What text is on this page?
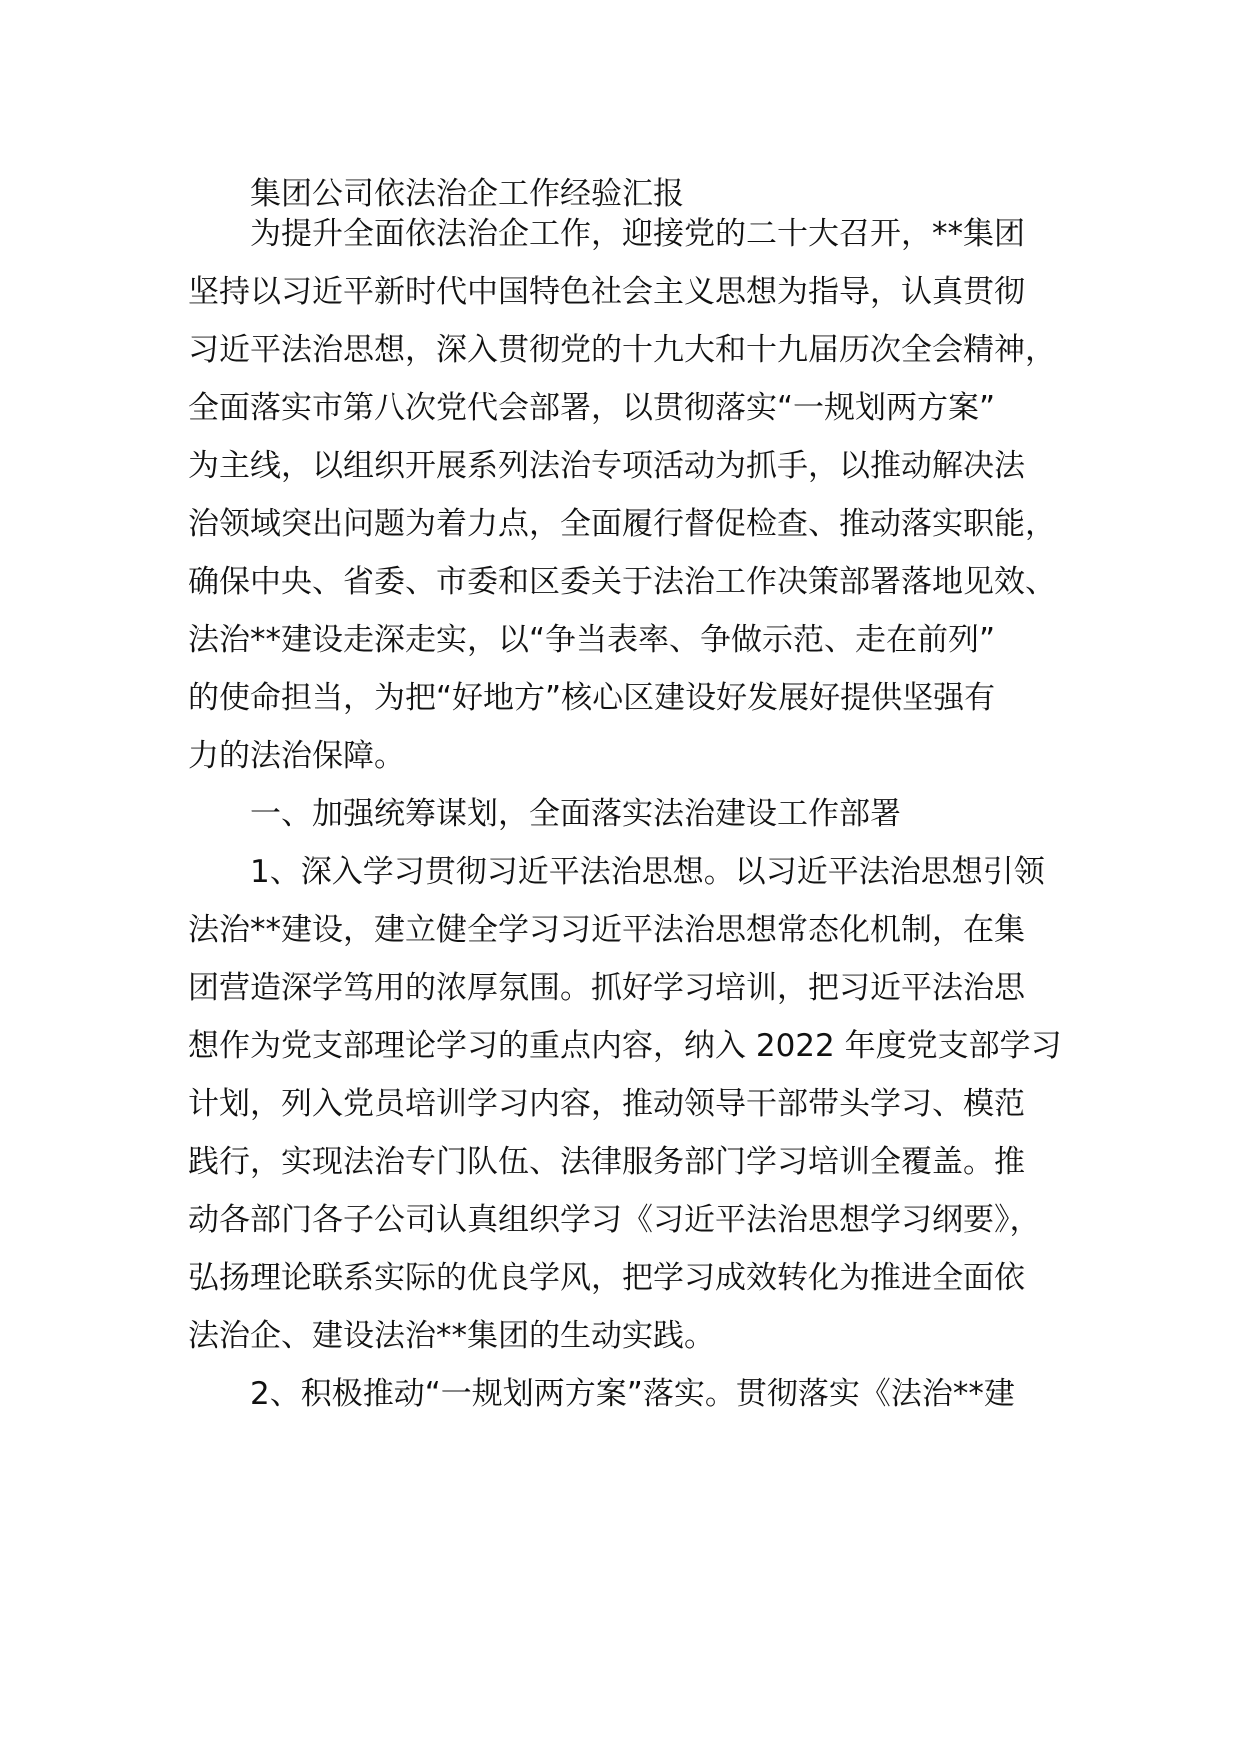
集团公司依法治企工作经验汇报
为提升全面依法治企工作，迎接党的二十大召开，**集团
坚持以习近平新时代中国特色社会主义思想为指导，认真贯彻
习近平法治思想，深入贯彻党的十九大和十九届历次全会精神，
全面落实市第八次党代会部署，以贯彻落实“一规划两方案”
为主线，以组织开展系列法治专项活动为抓手，以推动解决法
治领域突出问题为着力点，全面履行督促检查、推动落实职能，
确保中央、省委、市委和区委关于法治工作决策部署落地见效、
法治**建设走深走实，以“争当表率、争做示范、走在前列”
的使命担当，为把“好地方”核心区建设好发展好提供坚强有
力的法治保障。
一、加强统筹谋划，全面落实法治建设工作部署
1、深入学习贯彻习近平法治思想。以习近平法治思想引领
法治**建设，建立健全学习习近平法治思想常态化机制，在集
团营造深学笃用的浓厚氛围。抓好学习培训，把习近平法治思
想作为党支部理论学习的重点内容，纳入 2022 年度党支部学习
计划，列入党员培训学习内容，推动领导干部带头学习、模范
践行，实现法治专门队伍、法律服务部门学习培训全覆盖。推
动各部门各子公司认真组织学习《习近平法治思想学习纲要》，
弘扬理论联系实际的优良学风，把学习成效转化为推进全面依
法治企、建设法治**集团的生动实践。
2、积极推动“一规划两方案”落实。贯彻落实《法治**建
